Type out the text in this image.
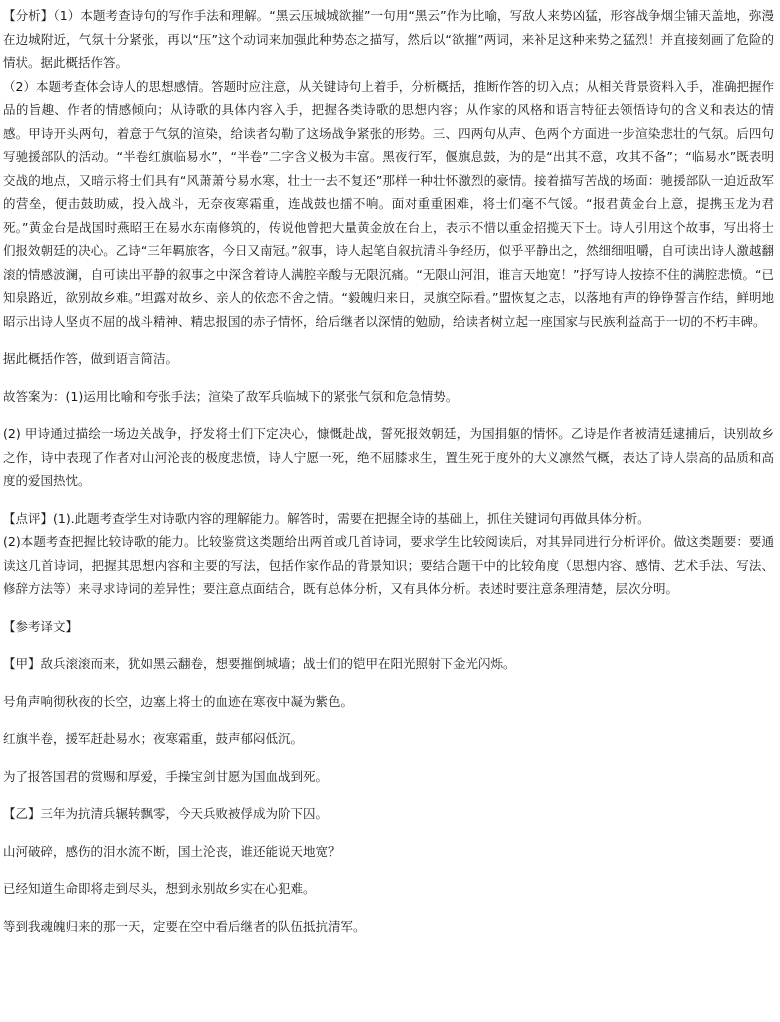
【分析】（1）本题考查诗句的写作手法和理解。“黑云压城城欲摧”一句用“黑云”作为比喻，写敌人来势凶猛，形容战争烟尘铺天盖地，弥漫在边城附近，气氛十分紧张，再以“压”这个动词来加强此种势态之描写，然后以“欲摧”两词，来补足这种来势之猛烈！并直接刻画了危险的情状。据此概括作答。

（2）本题考查体会诗人的思想感情。答题时应注意，从关键诗句上着手，分析概括，推断作答的切入点；从相关背景资料入手，准确把握作品的旨趣、作者的情感倾向；从诗歌的具体内容入手，把握各类诗歌的思想内容；从作家的风格和语言特征去领悟诗句的含义和表达的情感。甲诗开头两句，着意于气氛的渲染，给读者勾勒了这场战争紧张的形势。三、四两句从声、色两个方面进一步渲染悲壮的气氛。后四句写驰援部队的活动。“半卷红旗临易水”，“半卷”二字含义极为丰富。黑夜行军，偃旗息鼓，为的是“出其不意，攻其不备”；“临易水”既表明交战的地点，又暗示将士们具有“风萧萧兮易水寒，壮士一去不复还”那样一种壮怀激烈的豪情。接着描写苦战的场面：驰援部队一迫近敌军的营垒，便击鼓助威，投入战斗，无奈夜寒霜重，连战鼓也擂不响。面对重重困难，将士们毫不气馁。“报君黄金台上意，提携玉龙为君死。”黄金台是战国时燕昭王在易水东南修筑的，传说他曾把大量黄金放在台上，表示不惜以重金招揽天下士。诗人引用这个故事，写出将士们报效朝廷的决心。乙诗“三年羁旅客，今日又南冠。”叙事，诗人起笔自叙抗清斗争经历，似乎平静出之，然细细咀嚼，自可读出诗人激越翻滚的情感波澜，自可读出平静的叙事之中深含着诗人满腔辛酸与无限沉痛。“无限山河泪，谁言天地宽！”抒写诗人按捺不住的满腔悲愤。“已知泉路近，欲别故乡难。”坦露对故乡、亲人的依恋不舍之情。“毅魄归来日，灵旗空际看。”盟恢复之志，以落地有声的铮铮誓言作结，鲜明地昭示出诗人坚贞不屈的战斗精神、精忠报国的赤子情怀，给后继者以深情的勉励，给读者树立起一座国家与民族利益高于一切的不朽丰碑。

据此概括作答，做到语言简洁。

故答案为：(1)运用比喻和夸张手法；渲染了敌军兵临城下的紧张气氛和危急情势。

(2) 甲诗通过描绘一场边关战争，抒发将士们下定决心，慷慨赴战，誓死报效朝廷，为国捐躯的情怀。乙诗是作者被清廷逮捕后，诀别故乡之作，诗中表现了作者对山河沦丧的极度悲愤，诗人宁愿一死，绝不屈膝求生，置生死于度外的大义凛然气概，表达了诗人崇高的品质和高度的爱国热忱。

【点评】(1).此题考查学生对诗歌内容的理解能力。解答时，需要在把握全诗的基础上，抓住关键词句再做具体分析。

(2)本题考查把握比较诗歌的能力。比较鉴赏这类题给出两首或几首诗词，要求学生比较阅读后，对其异同进行分析评价。做这类题要：要通读这几首诗词，把握其思想内容和主要的写法，包括作家作品的背景知识；要结合题干中的比较角度（思想内容、感情、艺术手法、写法、修辞方法等）来寻求诗词的差异性；要注意点面结合，既有总体分析，又有具体分析。表述时要注意条理清楚，层次分明。

【参考译文】

【甲】敌兵滚滚而来，犹如黑云翻卷，想要摧倒城墙；战士们的铠甲在阳光照射下金光闪烁。

号角声响彻秋夜的长空，边塞上将士的血迹在寒夜中凝为紫色。

红旗半卷，援军赶赴易水；夜寒霜重，鼓声郁闷低沉。

为了报答国君的赏赐和厚爱，手操宝剑甘愿为国血战到死。

【乙】三年为抗清兵辗转飘零，今天兵败被俘成为阶下囚。

山河破碎，感伤的泪水流不断，国土沦丧，谁还能说天地宽？

已经知道生命即将走到尽头，想到永别故乡实在心犯难。

等到我魂魄归来的那一天，定要在空中看后继者的队伍抵抗清军。
